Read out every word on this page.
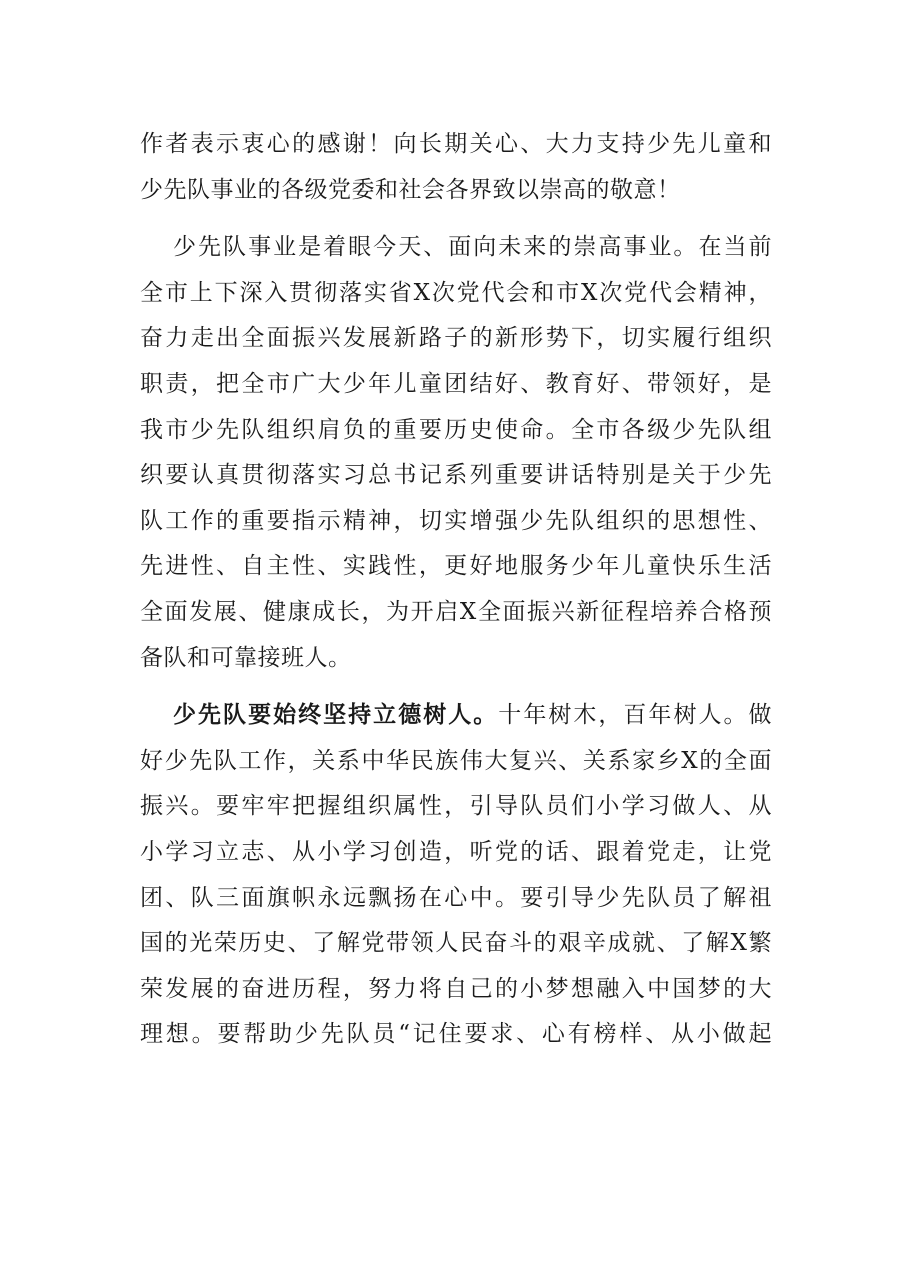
作者表示衷心的感谢！向长期关心、大力支持少先儿童和
少先队事业的各级党委和社会各界致以崇高的敬意！
少先队事业是着眼今天、面向未来的崇高事业。在当前
全市上下深入贯彻落实省X次党代会和市X次党代会精神，
奋力走出全面振兴发展新路子的新形势下，切实履行组织
职责，把全市广大少年儿童团结好、教育好、带领好，是
我市少先队组织肩负的重要历史使命。全市各级少先队组
织要认真贯彻落实习总书记系列重要讲话特别是关于少先
队工作的重要指示精神，切实增强少先队组织的思想性、
先进性、自主性、实践性，更好地服务少年儿童快乐生活
全面发展、健康成长，为开启X全面振兴新征程培养合格预
备队和可靠接班人。
少先队要始终坚持立德树人。十年树木，百年树人。做
好少先队工作，关系中华民族伟大复兴、关系家乡X的全面
振兴。要牢牢把握组织属性，引导队员们小学习做人、从
小学习立志、从小学习创造，听党的话、跟着党走，让党
团、队三面旗帜永远飘扬在心中。要引导少先队员了解祖
国的光荣历史、了解党带领人民奋斗的艰辛成就、了解X繁
荣发展的奋进历程，努力将自己的小梦想融入中国梦的大
理想。要帮助少先队员“记住要求、心有榜样、从小做起
